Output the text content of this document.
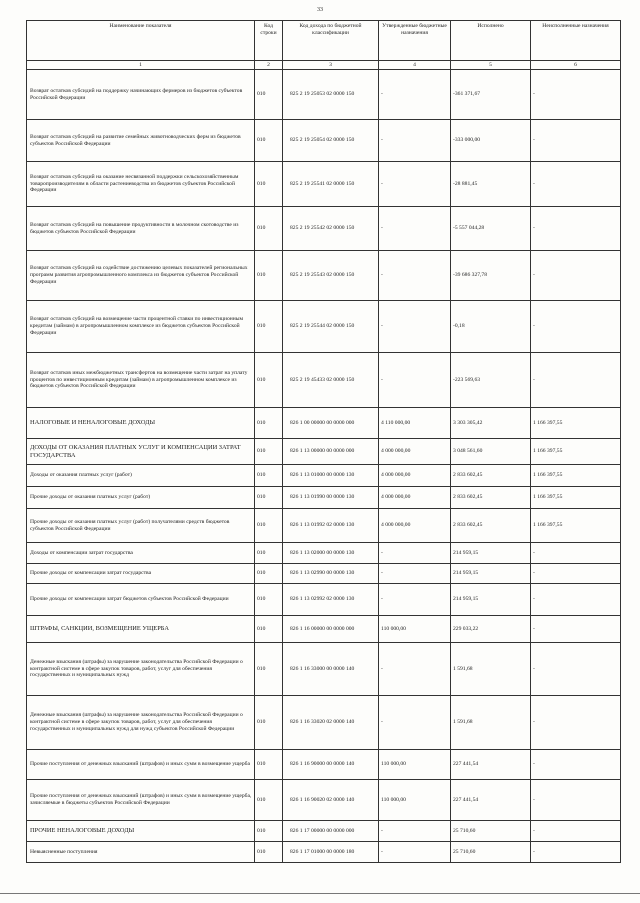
33
Наименование показателя	Код строки	Код дохода по бюджетной классификации	Утвержденные бюджетные назначения	Исполнено	Неисполненные назначения
1	2	3	4	5	6
Возврат остатков субсидий на поддержку начинающих фермеров из бюджетов субъектов Российской Федерации	010	825 2 19 25053 02 0000 150	-	-361 371,67	-
Возврат остатков субсидий на развитие семейных животноводческих ферм из бюджетов субъектов Российской Федерации	010	825 2 19 25054 02 0000 150	-	-333 000,00	-
Возврат остатков субсидий на оказание несвязанной поддержки сельскохозяйственным товаропроизводителям в области растениеводства из бюджетов субъектов Российской Федерации	010	825 2 19 25541 02 0000 150	-	-28 881,45	-
Возврат остатков субсидий на повышение продуктивности в молочном скотоводстве из бюджетов субъектов Российской Федерации	010	825 2 19 25542 02 0000 150	-	-5 557 044,28	-
Возврат остатков субсидий на содействие достижению целевых показателей региональных программ развития агропромышленного комплекса из бюджетов субъектов Российской Федерации	010	825 2 19 25543 02 0000 150	-	-39 686 327,78	-
Возврат остатков субсидий на возмещение части процентной ставки по инвестиционным кредитам (займам) в агропромышленном комплексе из бюджетов субъектов Российской Федерации	010	825 2 19 25544 02 0000 150	-	-0,18	-
Возврат остатков иных межбюджетных трансфертов на возмещение части затрат на уплату процентов по инвестиционным кредитам (займам) в агропромышленном комплексе из бюджетов субъектов Российской Федерации	010	825 2 19 45433 02 0000 150	-	-223 569,63	-
НАЛОГОВЫЕ И НЕНАЛОГОВЫЕ ДОХОДЫ	010	826 1 00 00000 00 0000 000	4 110 000,00	3 303 305,42	1 166 397,55
ДОХОДЫ ОТ ОКАЗАНИЯ ПЛАТНЫХ УСЛУГ И КОМПЕНСАЦИИ ЗАТРАТ ГОСУДАРСТВА	010	826 1 13 00000 00 0000 000	4 000 000,00	3 048 561,60	1 166 397,55
Доходы от оказания платных услуг (работ)	010	826 1 13 01000 00 0000 130	4 000 000,00	2 833 602,45	1 166 397,55
Прочие доходы от оказания платных услуг (работ)	010	826 1 13 01990 00 0000 130	4 000 000,00	2 833 602,45	1 166 397,55
Прочие доходы от оказания платных услуг (работ) получателями средств бюджетов субъектов Российской Федерации	010	826 1 13 01992 02 0000 130	4 000 000,00	2 833 602,45	1 166 397,55
Доходы от компенсации затрат государства	010	826 1 13 02000 00 0000 130	-	214 959,15	-
Прочие доходы от компенсации затрат государства	010	826 1 13 02990 00 0000 130	-	214 959,15	-
Прочие доходы от компенсации затрат бюджетов субъектов Российской Федерации	010	826 1 13 02992 02 0000 130	-	214 959,15	-
ШТРАФЫ, САНКЦИИ, ВОЗМЕЩЕНИЕ УЩЕРБА	010	826 1 16 00000 00 0000 000	110 000,00	229 033,22	-
Денежные взыскания (штрафы) за нарушение законодательства Российской Федерации о контрактной системе в сфере закупок товаров, работ, услуг для обеспечения государственных и муниципальных нужд	010	826 1 16 33000 00 0000 140	-	1 591,68	-
Денежные взыскания (штрафы) за нарушение законодательства Российской Федерации о контрактной системе в сфере закупок товаров, работ, услуг для обеспечения государственных и муниципальных нужд для нужд субъектов Российской Федерации	010	826 1 16 33020 02 0000 140	-	1 591,68	-
Прочие поступления от денежных взысканий (штрафов) и иных сумм в возмещение ущерба	010	826 1 16 90000 00 0000 140	110 000,00	227 441,54	-
Прочие поступления от денежных взысканий (штрафов) и иных сумм в возмещение ущерба, зачисляемые в бюджеты субъектов Российской Федерации	010	826 1 16 90020 02 0000 140	110 000,00	227 441,54	-
ПРОЧИЕ НЕНАЛОГОВЫЕ ДОХОДЫ	010	826 1 17 00000 00 0000 000	-	25 710,60	-
Невыясненные поступления	010	826 1 17 01000 00 0000 180	-	25 710,60	-
